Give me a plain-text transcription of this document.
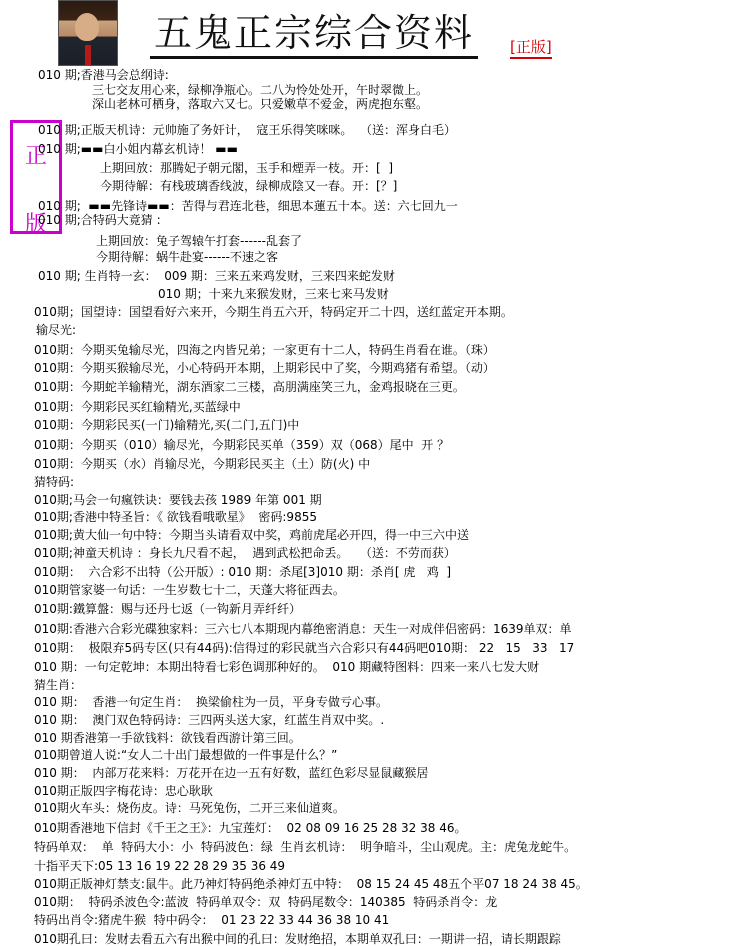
五鬼正宗综合资料 [正版]
正
版
010 期;香港马会总纲诗:
三七交友用心来，绿柳净瓶心。二八为怜处处开，午时翠微上。
深山老林可栖身，落取六又七。只爱嫩草不爱金，两虎抱东壑。
010 期;正版天机诗：元帅施了务奸计，  寇王乐得笑咪咪。  （送：浑身白毛）
010 期;▬▬白小姐内幕玄机诗！ ▬▬
上期回放：那腾妃子朝元閣，玉手和煙弄一枝。开：[  ]
今期待解：有栈玻璃香线波，绿柳成陰又一春。开：[？]
010 期;  ▬▬先锋诗▬▬：苦得与君连北巷，细思本蓮五十本。送：六七回九一
010 期;合特码大竟猜 :
上期回放：兔子驾辕午打套------乱套了
今期待解：蜗牛赴宴------不速之客
010 期; 生肖特一玄：  009 期：三来五来鸡发财，三来四来蛇发财
010 期；十来九来猴发财，三来七来马发财
010期；国望诗：国望看好六来开，今期生肖五六开，特码定开二十四，送红蓝定开本期。
输尽光:
010期：今期买兔输尽光，四海之内皆兄弟；一家更有十二人，特码生肖看在谁。（珠）
010期：今期买猴输尽光，小心特码开本期，上期彩民中了奖，今期鸡猪有希望。（动）
010期：今期蛇羊输精光，湖东酒家二三楼，高朋满座笑三九，金鸡报晓在三更。
010期：今期彩民买红输精光,买蓝绿中
010期：今期彩民买(一门)输精光,买(二门,五门)中
010期：今期买（010）输尽光，今期彩民买单（359）双（068）尾中  开 ？
010期：今期买（水）肖输尽光，今期彩民买主（土）防(火) 中
猜特码:
010期;马会一句瘋铁诀：要钱去孩 1989 年第 001 期
010期;香港中特圣旨：《 欲钱看哦歌星》  密码:9855
010期;黄大仙一句中特：今期当头请看双中奖，鸡前虎尾必开四，得一中三六中送
010期;神童天机诗 ：身长九尺看不起，  遇到武松把命丢。   （送：不劳而获）
010期：  六合彩不出特（公开版）: 010 期：杀尾[3]010 期：杀肖[ 虎   鸡  ]
010期管家婆一句话：一生岁数七十二，天蓬大将征西去。
010期:鐵算盤：赐与还丹七返（一钩新月弄纤纤）
010期:香港六合彩光碟独家料：三六七八本期现内幕绝密消息：天生一对成伴侣密码：1639单双：单
010期：  极限弃5码专区(只有44码):信得过的彩民就当六合彩只有44码吧010期： 22   15   33   17
010 期：一句定乾坤：本期出特看七彩色调那种好的。  010 期藏特图料：四来一来八七发大财
猜生肖：
010 期：  香港一句定生肖：  换梁偷柱为一员，平身专做亏心事。
010 期：  澳门双色特码诗：三四两头送大家，红蓝生肖双中奖。.
010 期香港第一手欲钱料：欲钱看西游计第三回。
010期曾道人说:“女人二十出门最想做的一件事是什么？”
010 期：  内部万花来料：万花开在边一五有好数，蓝红色彩尽显鼠藏猴居
010期正版四字梅花诗：忠心耿耿
010期火车头：烧伤皮。诗：马死兔伤，二开三来仙道爽。
010期香港地下信封《千王之王》：九宝莲灯：  02 08 09 16 25 28 32 38 46。
特码单双：  单  特码大小：小  特码波色：绿  生肖玄机诗：  明争暗斗，尘山观虎。主：虎兔龙蛇牛。
十指平天下:05 13 16 19 22 28 29 35 36 49
010期正版神灯禁支:鼠牛。此乃神灯特码绝杀神灯五中特：  08 15 24 45 48五个平07 18 24 38 45。
010期：  特码杀波色令:蓝波  特码单双令：双  特码尾数令：140385  特码杀肖令：龙
特码出肖令:猪虎牛猴  特中码令：  01 23 22 33 44 36 38 10 41
010期孔曰：发财去看五六有出猴中间的孔曰：发财绝招，本期单双孔曰：一期讲一招，请长期跟踪
